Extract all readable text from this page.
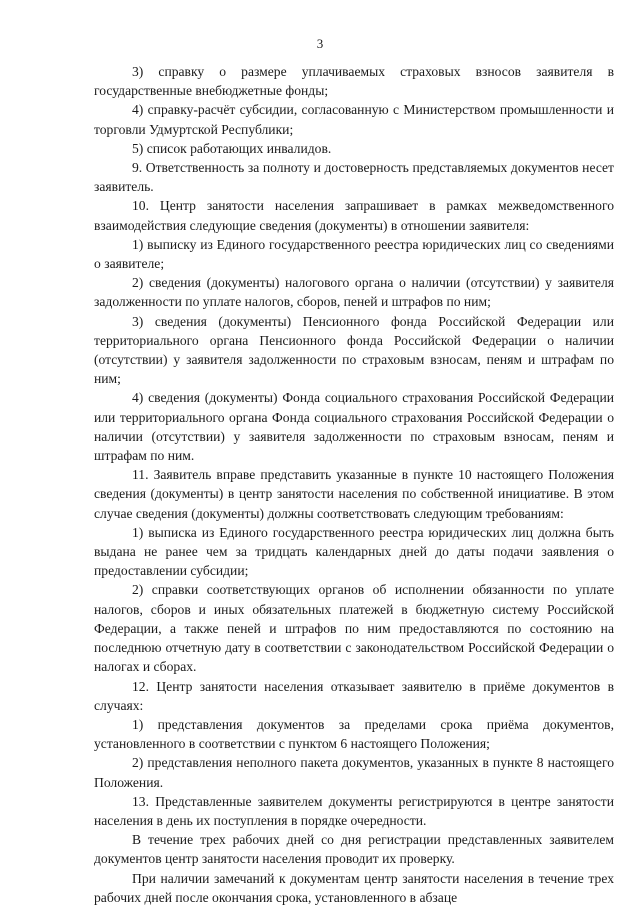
3

3) справку о размере уплачиваемых страховых взносов заявителя в государственные внебюджетные фонды;

4) справку-расчёт субсидии, согласованную с Министерством промышленности и торговли Удмуртской Республики;

5) список работающих инвалидов.

9. Ответственность за полноту и достоверность представляемых документов несет заявитель.

10. Центр занятости населения запрашивает в рамках межведомственного взаимодействия следующие сведения (документы) в отношении заявителя:

1) выписку из Единого государственного реестра юридических лиц со сведениями о заявителе;

2) сведения (документы) налогового органа о наличии (отсутствии) у заявителя задолженности по уплате налогов, сборов, пеней и штрафов по ним;

3) сведения (документы) Пенсионного фонда Российской Федерации или территориального органа Пенсионного фонда Российской Федерации о наличии (отсутствии) у заявителя задолженности по страховым взносам, пеням и штрафам по ним;

4) сведения (документы) Фонда социального страхования Российской Федерации или территориального органа Фонда социального страхования Российской Федерации о наличии (отсутствии) у заявителя задолженности по страховым взносам, пеням и штрафам по ним.

11. Заявитель вправе представить указанные в пункте 10 настоящего Положения сведения (документы) в центр занятости населения по собственной инициативе. В этом случае сведения (документы) должны соответствовать следующим требованиям:

1) выписка из Единого государственного реестра юридических лиц должна быть выдана не ранее чем за тридцать календарных дней до даты подачи заявления о предоставлении субсидии;

2) справки соответствующих органов об исполнении обязанности по уплате налогов, сборов и иных обязательных платежей в бюджетную систему Российской Федерации, а также пеней и штрафов по ним предоставляются по состоянию на последнюю отчетную дату в соответствии с законодательством Российской Федерации о налогах и сборах.

12. Центр занятости населения отказывает заявителю в приёме документов в случаях:

1) представления документов за пределами срока приёма документов, установленного в соответствии с пунктом 6 настоящего Положения;

2) представления неполного пакета документов, указанных в пункте 8 настоящего Положения.

13. Представленные заявителем документы регистрируются в центре занятости населения в день их поступления в порядке очередности.

В течение трех рабочих дней со дня регистрации представленных заявителем документов центр занятости населения проводит их проверку.

При наличии замечаний к документам центр занятости населения в течение трех рабочих дней после окончания срока, установленного в абзаце
